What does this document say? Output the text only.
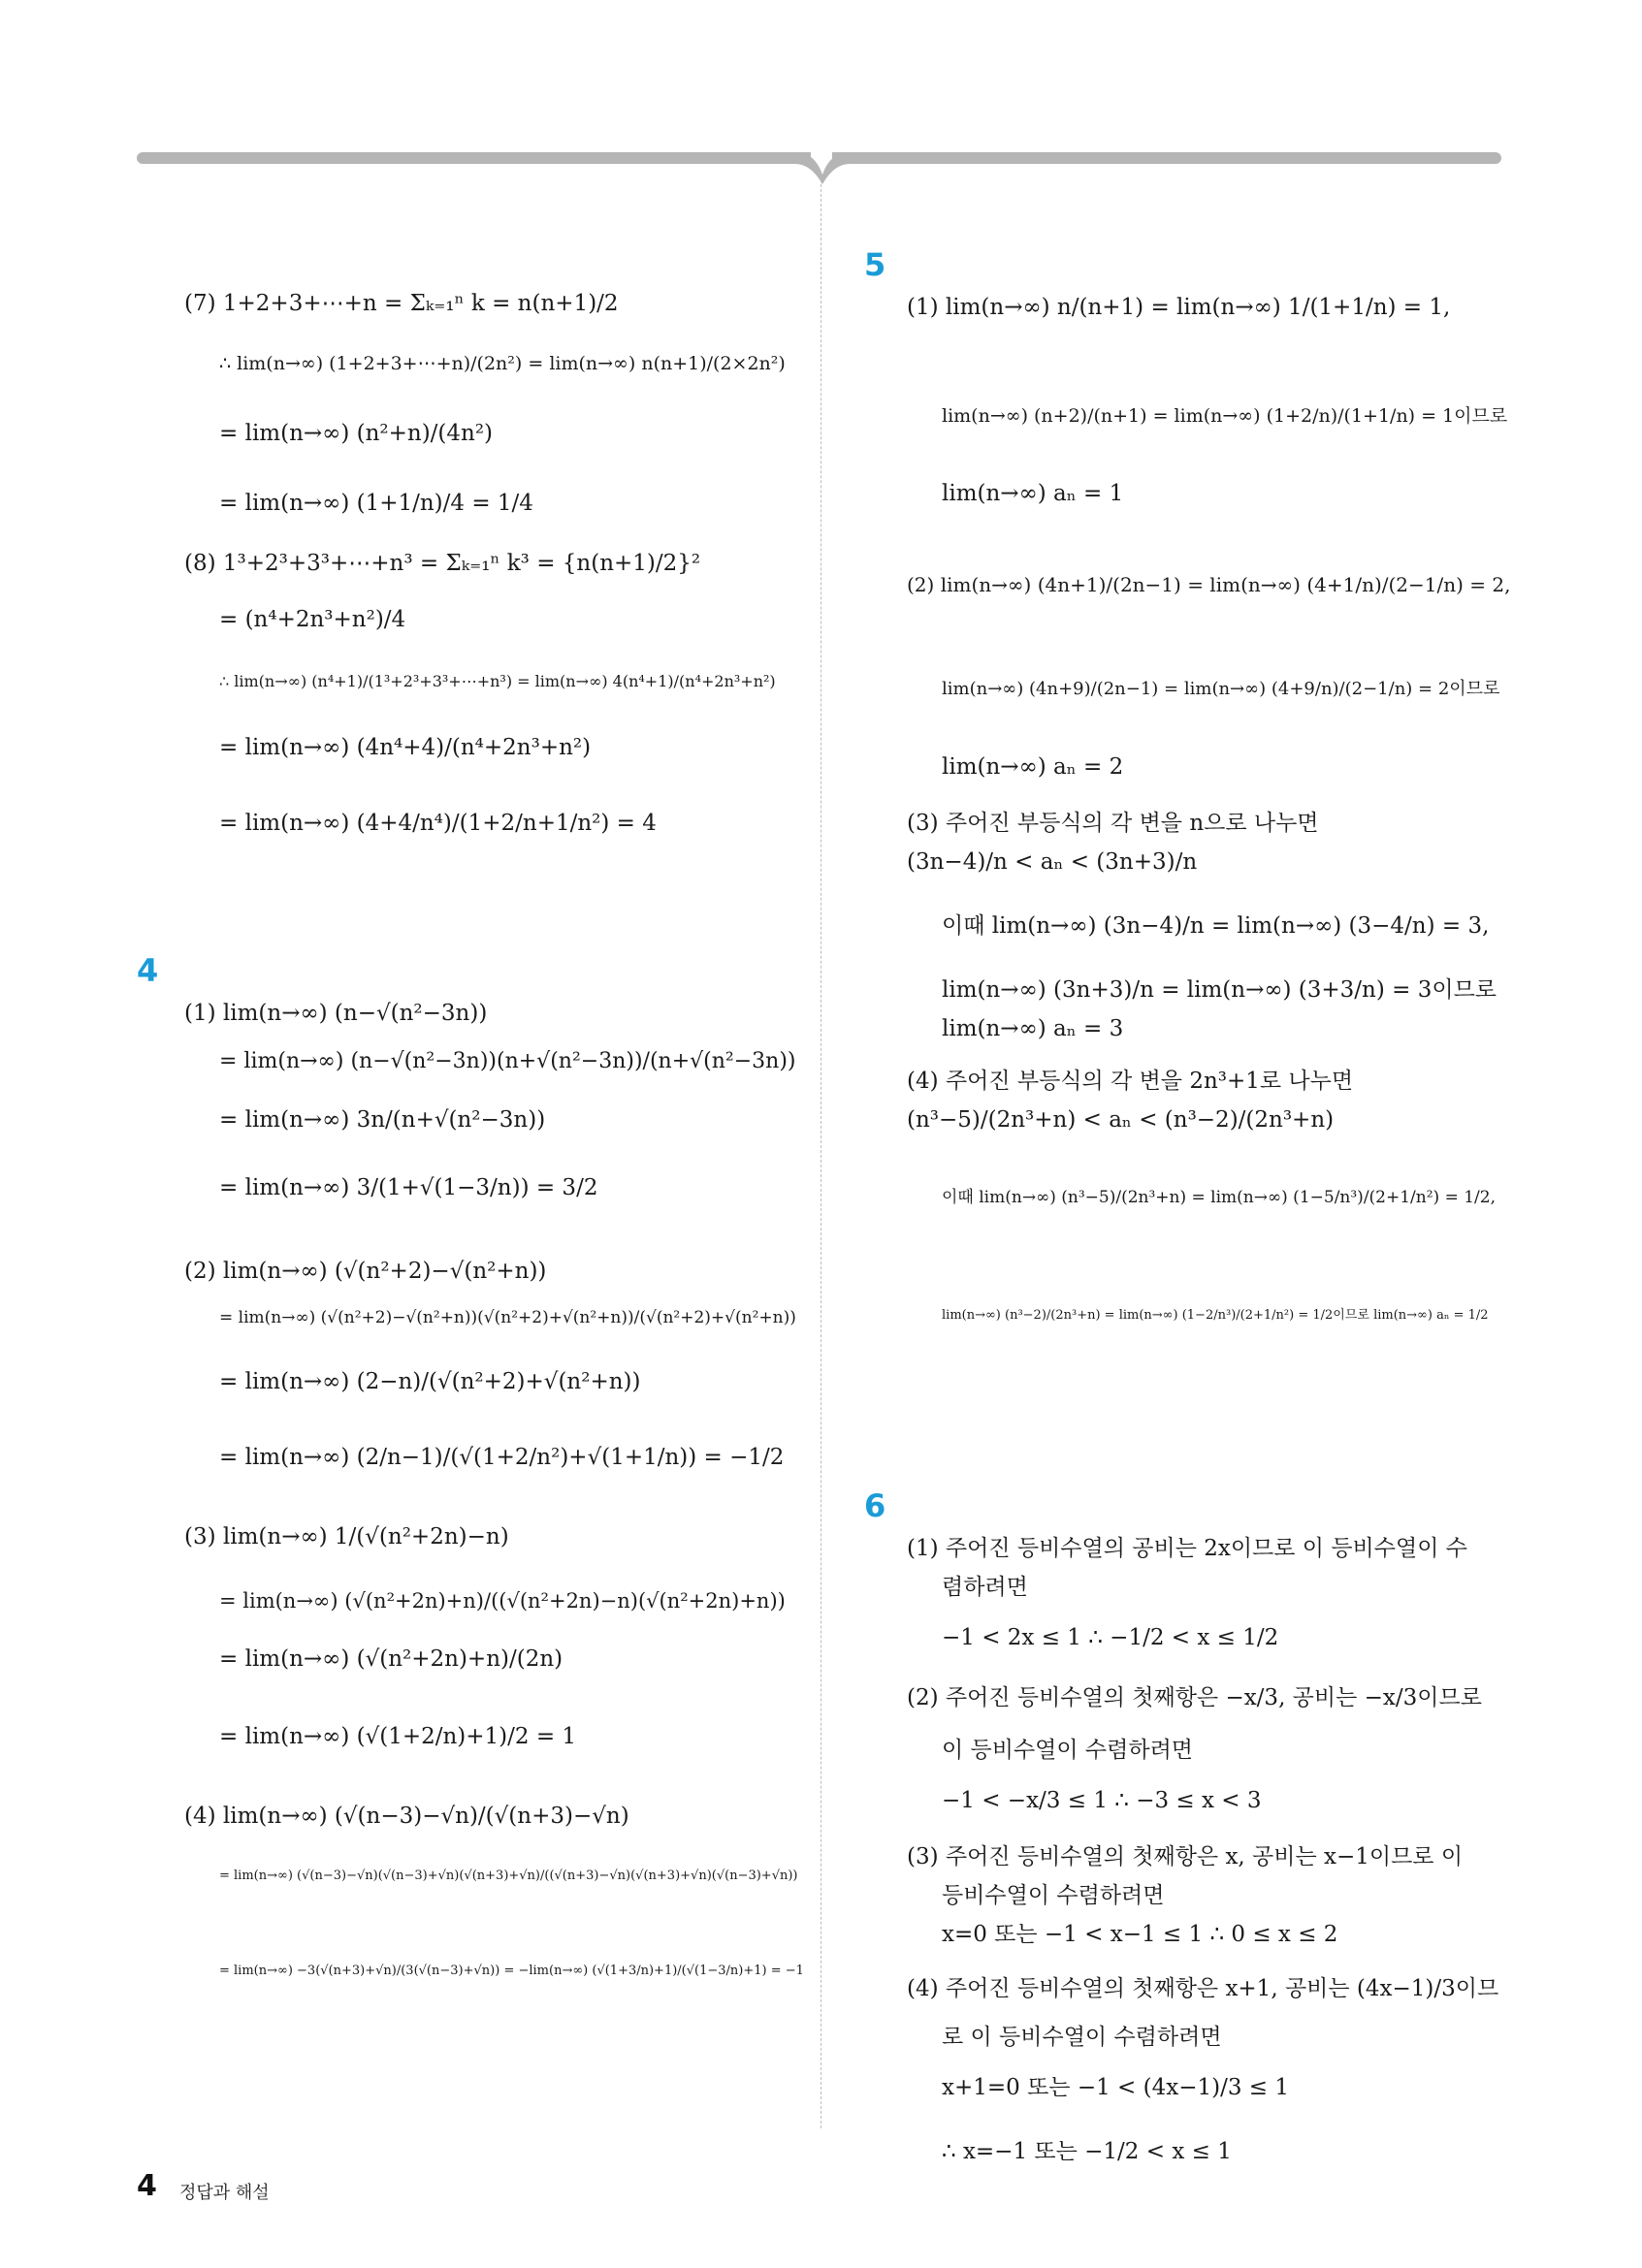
(7) 1+2+3+⋯+n = Σₖ₌₁ⁿ k = n(n+1)/2
∴ lim(n→∞) (1+2+3+⋯+n)/(2n²) = lim(n→∞) n(n+1)/(2×2n²)
= lim(n→∞) (n²+n)/(4n²)
= lim(n→∞) (1+1/n)/4 = 1/4
(8) 1³+2³+3³+⋯+n³ = Σₖ₌₁ⁿ k³ = {n(n+1)/2}²
= (n⁴+2n³+n²)/4
∴ lim(n→∞) (n⁴+1)/(1³+2³+3³+⋯+n³) = lim(n→∞) 4(n⁴+1)/(n⁴+2n³+n²)
= lim(n→∞) (4n⁴+4)/(n⁴+2n³+n²)
= lim(n→∞) (4+4/n⁴)/(1+2/n+1/n²) = 4
4
(1) lim(n→∞) (n−√(n²−3n))
= lim(n→∞) (n−√(n²−3n))(n+√(n²−3n))/(n+√(n²−3n))
= lim(n→∞) 3n/(n+√(n²−3n))
= lim(n→∞) 3/(1+√(1−3/n)) = 3/2
(2) lim(n→∞) (√(n²+2)−√(n²+n))
= lim(n→∞) (√(n²+2)−√(n²+n))(√(n²+2)+√(n²+n))/(√(n²+2)+√(n²+n))
= lim(n→∞) (2−n)/(√(n²+2)+√(n²+n))
= lim(n→∞) (2/n−1)/(√(1+2/n²)+√(1+1/n)) = −1/2
(3) lim(n→∞) 1/(√(n²+2n)−n)
= lim(n→∞) (√(n²+2n)+n)/((√(n²+2n)−n)(√(n²+2n)+n))
= lim(n→∞) (√(n²+2n)+n)/(2n)
= lim(n→∞) (√(1+2/n)+1)/2 = 1
(4) lim(n→∞) (√(n−3)−√n)/(√(n+3)−√n)
= lim(n→∞) (√(n−3)−√n)(√(n−3)+√n)(√(n+3)+√n)/((√(n+3)−√n)(√(n+3)+√n)(√(n−3)+√n))
= lim(n→∞) −3(√(n+3)+√n)/(3(√(n−3)+√n)) = −lim(n→∞) (√(1+3/n)+1)/(√(1−3/n)+1) = −1
5
(1) lim(n→∞) n/(n+1) = lim(n→∞) 1/(1+1/n) = 1,
lim(n→∞) (n+2)/(n+1) = lim(n→∞) (1+2/n)/(1+1/n) = 1이므로
lim(n→∞) aₙ = 1
(2) lim(n→∞) (4n+1)/(2n−1) = lim(n→∞) (4+1/n)/(2−1/n) = 2,
lim(n→∞) (4n+9)/(2n−1) = lim(n→∞) (4+9/n)/(2−1/n) = 2이므로
lim(n→∞) aₙ = 2
(3) 주어진 부등식의 각 변을 n으로 나누면
(3n−4)/n < aₙ < (3n+3)/n
이때 lim(n→∞) (3n−4)/n = lim(n→∞) (3−4/n) = 3,
lim(n→∞) (3n+3)/n = lim(n→∞) (3+3/n) = 3이므로
lim(n→∞) aₙ = 3
(4) 주어진 부등식의 각 변을 2n³+1로 나누면
(n³−5)/(2n³+n) < aₙ < (n³−2)/(2n³+n)
이때 lim(n→∞) (n³−5)/(2n³+n) = lim(n→∞) (1−5/n³)/(2+1/n²) = 1/2,
lim(n→∞) (n³−2)/(2n³+n) = lim(n→∞) (1−2/n³)/(2+1/n²) = 1/2이므로 lim(n→∞) aₙ = 1/2
6
(1) 주어진 등비수열의 공비는 2x이므로 이 등비수열이 수
렴하려면
−1 < 2x ≤ 1 ∴ −1/2 < x ≤ 1/2
(2) 주어진 등비수열의 첫째항은 −x/3, 공비는 −x/3이므로
이 등비수열이 수렴하려면
−1 < −x/3 ≤ 1 ∴ −3 ≤ x < 3
(3) 주어진 등비수열의 첫째항은 x, 공비는 x−1이므로 이
등비수열이 수렴하려면
x=0 또는 −1 < x−1 ≤ 1 ∴ 0 ≤ x ≤ 2
(4) 주어진 등비수열의 첫째항은 x+1, 공비는 (4x−1)/3이므
로 이 등비수열이 수렴하려면
x+1=0 또는 −1 < (4x−1)/3 ≤ 1
∴ x=−1 또는 −1/2 < x ≤ 1
4 정답과 해설
